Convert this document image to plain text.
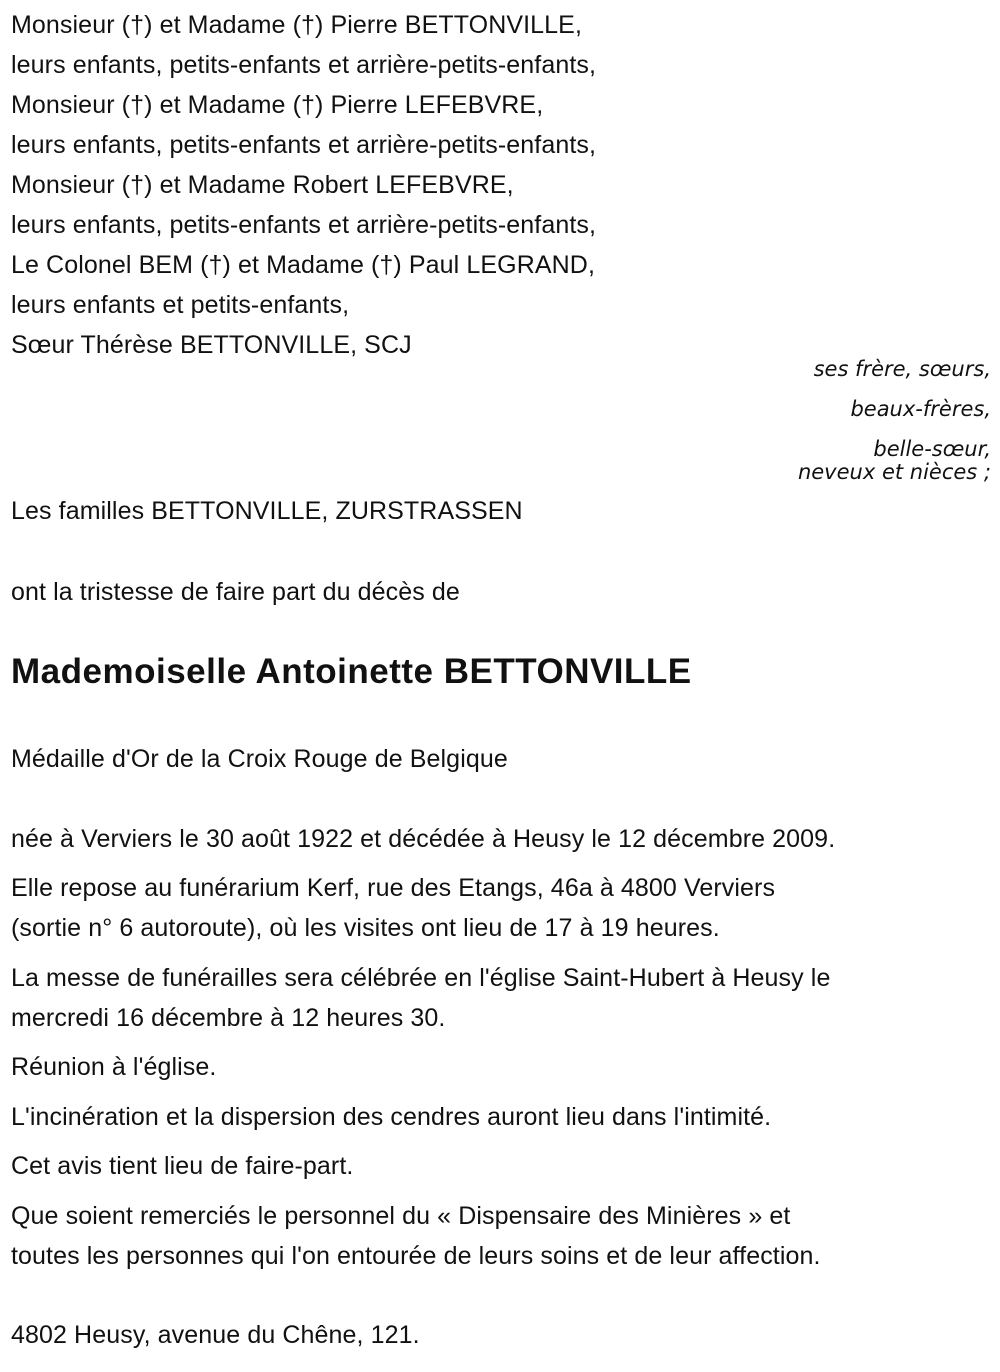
Monsieur (†) et Madame (†) Pierre BETTONVILLE,
leurs enfants, petits-enfants et arrière-petits-enfants,
Monsieur (†) et Madame (†) Pierre LEFEBVRE,
leurs enfants, petits-enfants et arrière-petits-enfants,
Monsieur (†) et Madame Robert LEFEBVRE,
leurs enfants, petits-enfants et arrière-petits-enfants,
Le Colonel BEM (†) et Madame (†) Paul LEGRAND,
leurs enfants et petits-enfants,
Sœur Thérèse BETTONVILLE, SCJ
ses frère, sœurs,
beaux-frères,
belle-sœur,
neveux et nièces ;
Les familles BETTONVILLE, ZURSTRASSEN
ont la tristesse de faire part du décès de
Mademoiselle Antoinette BETTONVILLE
Médaille d'Or de la Croix Rouge de Belgique
née à Verviers le 30 août 1922 et décédée à Heusy le 12 décembre 2009.
Elle repose au funérarium Kerf, rue des Etangs, 46a à 4800 Verviers
(sortie n° 6 autoroute), où les visites ont lieu de 17 à 19 heures.
La messe de funérailles sera célébrée en l'église Saint-Hubert à Heusy le
mercredi 16 décembre à 12 heures 30.
Réunion à l'église.
L'incinération et la dispersion des cendres auront lieu dans l'intimité.
Cet avis tient lieu de faire-part.
Que soient remerciés le personnel du « Dispensaire des Minières » et
toutes les personnes qui l'on entourée de leurs soins et de leur affection.
4802 Heusy, avenue du Chêne, 121.
